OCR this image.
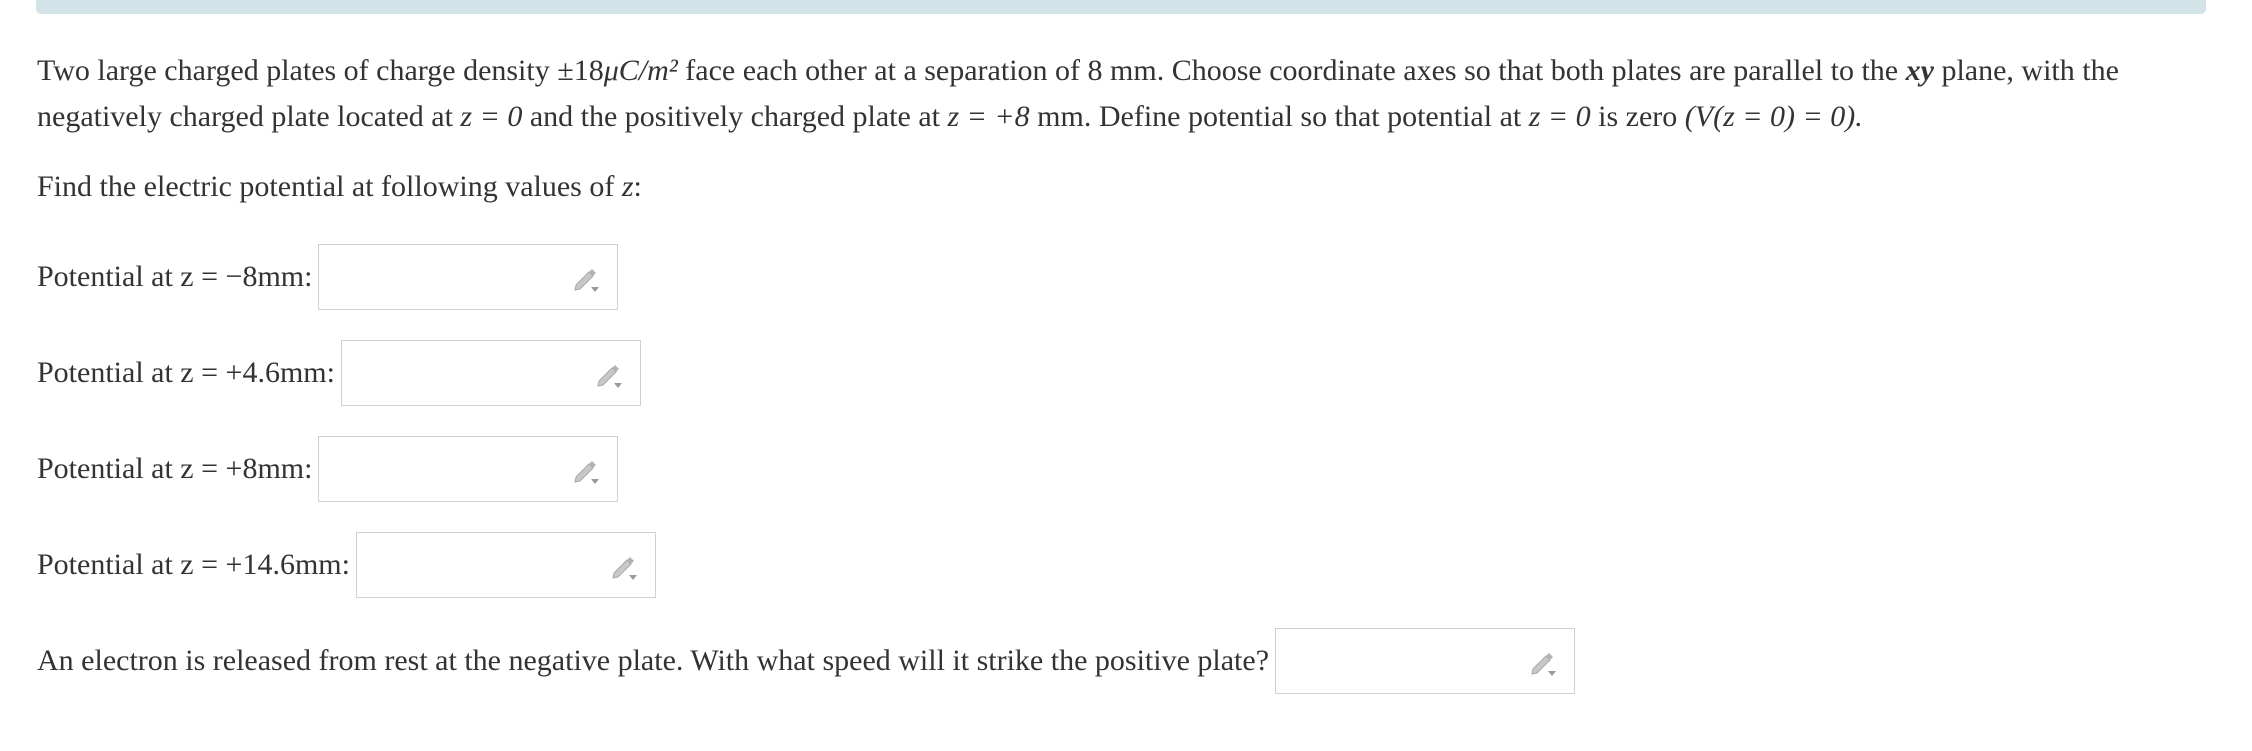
Two large charged plates of charge density ±18μC/m² face each other at a separation of 8 mm. Choose coordinate axes so that both plates are parallel to the xy plane, with the negatively charged plate located at z = 0 and the positively charged plate at z = +8 mm. Define potential so that potential at z = 0 is zero (V(z = 0) = 0).

Find the electric potential at following values of z:

Potential at z = −8mm:
Potential at z = +4.6mm:
Potential at z = +8mm:
Potential at z = +14.6mm:
An electron is released from rest at the negative plate. With what speed will it strike the positive plate?
